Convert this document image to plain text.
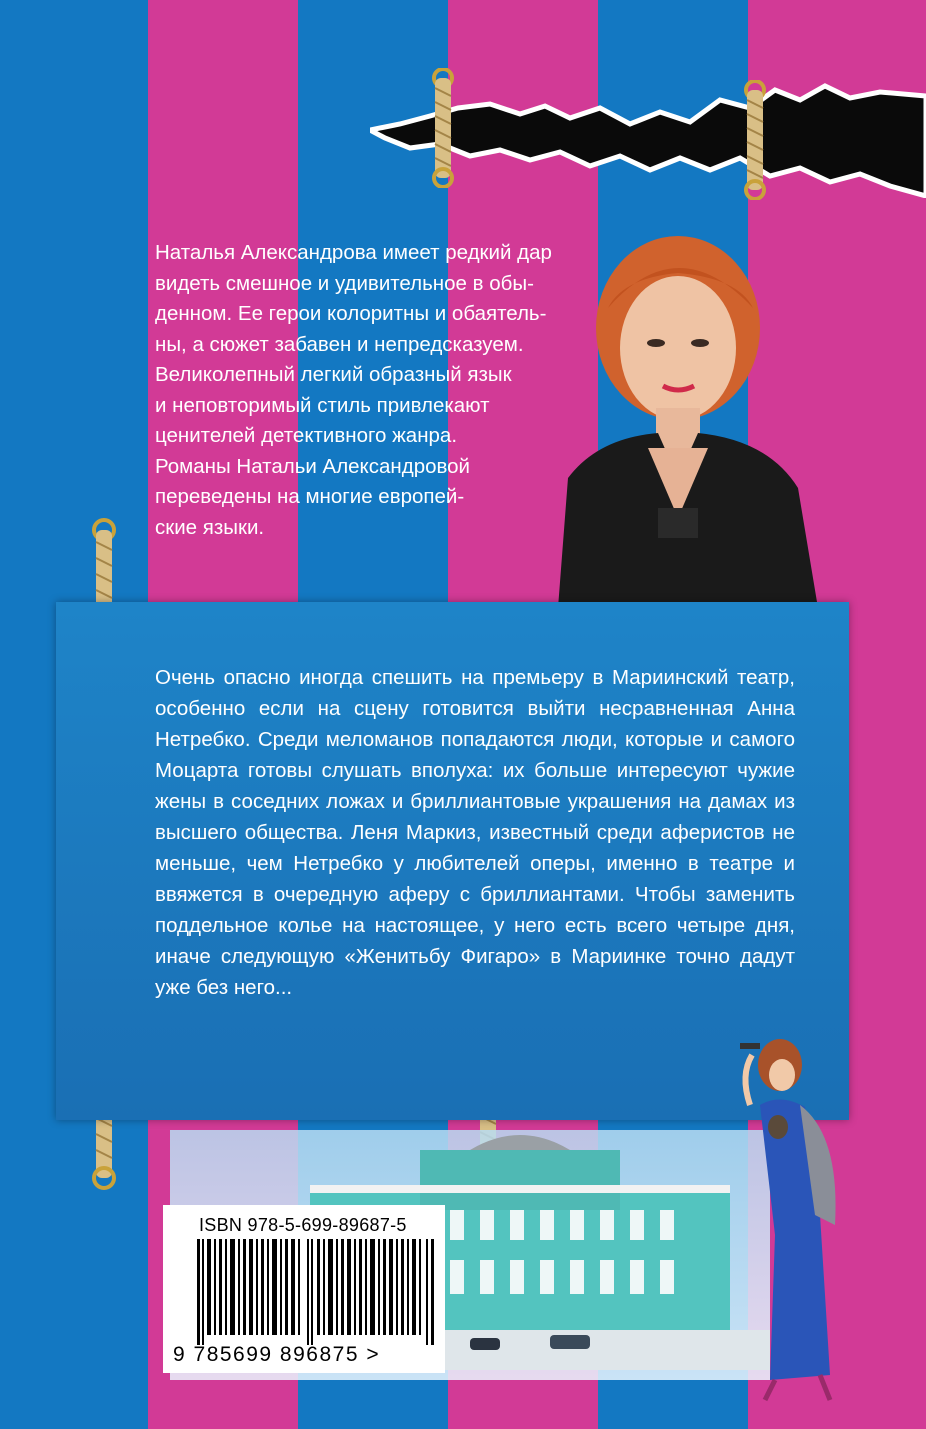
Наталья Александрова имеет редкий дар
видеть смешное и удивительное в обы-
денном. Ее герои колоритны и обаятель-
ны, а сюжет забавен и непредсказуем.
Великолепный легкий образный язык
и неповторимый стиль привлекают
ценителей детективного жанра.
Романы Натальи Александровой
переведены на многие европей-
ские языки.

Очень опасно иногда спешить на премьеру в Мариинский театр, особенно если на сцену готовится выйти несравненная Анна Нетребко. Среди меломанов попадаются люди, которые и самого Моцарта готовы слушать вполуха: их больше интересуют чужие жены в соседних ложах и бриллиантовые украшения на дамах из высшего общества. Леня Маркиз, известный среди аферистов не меньше, чем Нетребко у любителей оперы, именно в театре и ввяжется в очередную аферу с бриллиантами. Чтобы заменить поддельное колье на настоящее, у него есть всего четыре дня, иначе следующую «Женитьбу Фигаро» в Мариинке точно дадут уже без него...

ISBN 978-5-699-89687-5
9 785699 896875 >
